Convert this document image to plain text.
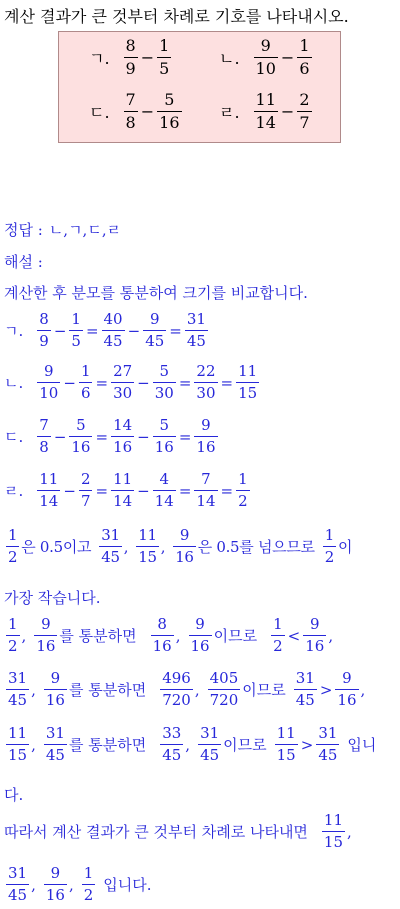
계산 결과가 큰 것부터 차례로 기호를 나타내시오.
ㄱ. $\frac{8}{9} - \frac{1}{5}$	ㄴ. $\frac{9}{10} - \frac{1}{6}$
ㄷ. $\frac{7}{8} - \frac{5}{16}$ ㄹ. $\frac{11}{14} - \frac{2}{7}$
정답 : ㄴ,ㄱ,ㄷ,ㄹ
해설 :
계산한 후 분모를 통분하여 크기를 비교합니다.
ㄱ. $\frac{8}{9} - \frac{1}{5} = \frac{40}{45} - \frac{9}{45} = \frac{31}{45}$
ㄴ. $\frac{9}{10} - \frac{1}{6} = \frac{27}{30} - \frac{5}{30} = \frac{22}{30} = \frac{11}{15}$
ㄷ. $\frac{7}{8} - \frac{5}{16} = \frac{14}{16} - \frac{5}{16} = \frac{9}{16}$
ㄹ. $\frac{11}{14} - \frac{2}{7} = \frac{11}{14} - \frac{4}{14} = \frac{7}{14} = \frac{1}{2}$
$\frac{1}{2}$ 은 0.5이고 $\frac{31}{45}$ , $\frac{11}{15}$ , $\frac{9}{16}$ 은 0.5를 넘으므로 $\frac{1}{2}$ 이
가장 작습니다.
$\frac{1}{2}$ , $\frac{9}{16}$ 를 통분하면 $\frac{8}{16}$ , $\frac{9}{16}$ 이므로 $\frac{1}{2} < \frac{9}{16}$ ,
$\frac{31}{45}$ , $\frac{9}{16}$ 를 통분하면 $\frac{496}{720}$ , $\frac{405}{720}$ 이므로 $\frac{31}{45} > \frac{9}{16}$ ,
$\frac{11}{15}$ , $\frac{31}{45}$ 를 통분하면 $\frac{33}{45}$ , $\frac{31}{45}$ 이므로 $\frac{11}{15} > \frac{31}{45}$ 입니
다.
따라서 계산 결과가 큰 것부터 차례로 나타내면 $\frac{11}{15}$ ,
$\frac{31}{45}$ , $\frac{9}{16}$ , $\frac{1}{2}$ 입니다.
